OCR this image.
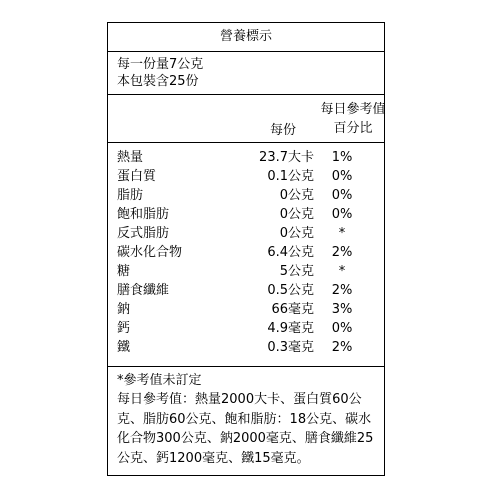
營養標示
每一份量7公克
本包裝含25份
每份
每日參考值
百分比
熱量	23.7大卡	1%
蛋白質	0.1公克	0%
脂肪	0公克	0%
飽和脂肪	0公克	0%
反式脂肪	0公克	*
碳水化合物	6.4公克	2%
糖	5公克	*
膳食纖維	0.5公克	2%
鈉	66毫克	3%
鈣	4.9毫克	0%
鐵	0.3毫克	2%
*參考值未訂定
每日參考值：熱量2000大卡、蛋白質60公克、脂肪60公克、飽和脂肪：18公克、碳水化合物300公克、鈉2000毫克、膳食纖維25公克、鈣1200毫克、鐵15毫克。
